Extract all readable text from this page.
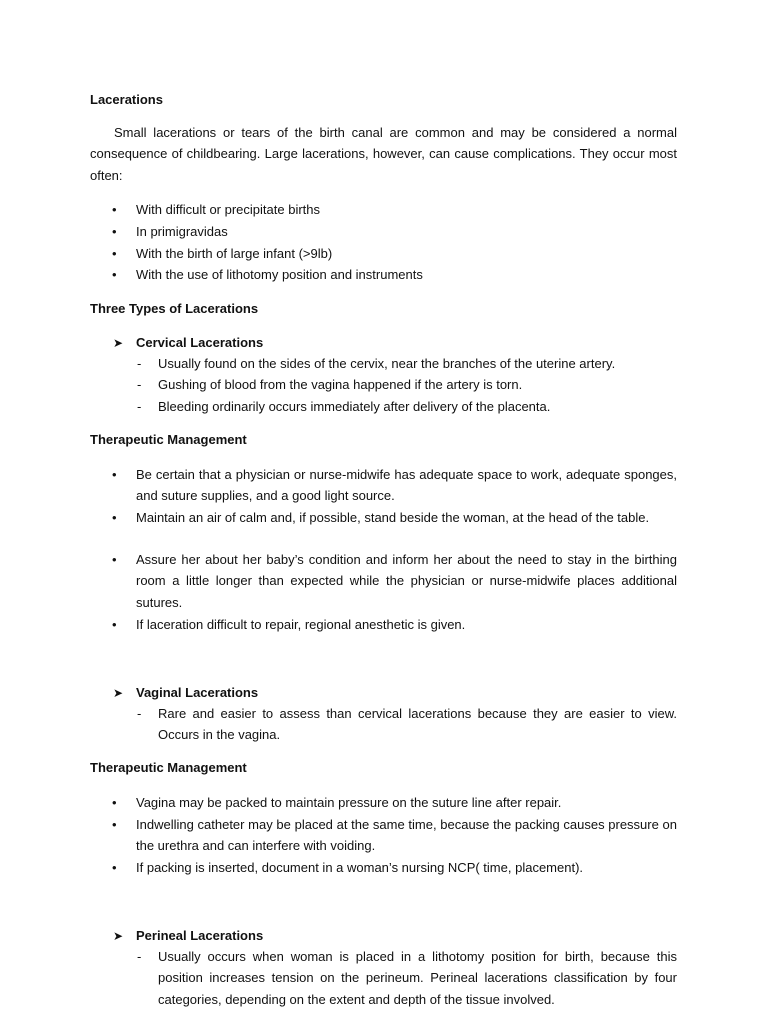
Lacerations
Small lacerations or tears of the birth canal are common and may be considered a normal consequence of childbearing. Large lacerations, however, can cause complications. They occur most often:
• With difficult or precipitate births
• In primigravidas
• With the birth of large infant (>9lb)
• With the use of lithotomy position and instruments
Three Types of Lacerations
➤ Cervical Lacerations
- Usually found on the sides of the cervix, near the branches of the uterine artery.
- Gushing of blood from the vagina happened if the artery is torn.
- Bleeding ordinarily occurs immediately after delivery of the placenta.
Therapeutic Management
• Be certain that a physician or nurse-midwife has adequate space to work, adequate sponges, and suture supplies, and a good light source.
• Maintain an air of calm and, if possible, stand beside the woman, at the head of the table.
• Assure her about her baby’s condition and inform her about the need to stay in the birthing room a little longer than expected while the physician or nurse-midwife places additional sutures.
• If laceration difficult to repair, regional anesthetic is given.
➤ Vaginal Lacerations
- Rare and easier to assess than cervical lacerations because they are easier to view. Occurs in the vagina.
Therapeutic Management
• Vagina may be packed to maintain pressure on the suture line after repair.
• Indwelling catheter may be placed at the same time, because the packing causes pressure on the urethra and can interfere with voiding.
• If packing is inserted, document in a woman’s nursing NCP( time, placement).
➤ Perineal Lacerations
- Usually occurs when woman is placed in a lithotomy position for birth, because this position increases tension on the perineum. Perineal lacerations classification by four categories, depending on the extent and depth of the tissue involved.
